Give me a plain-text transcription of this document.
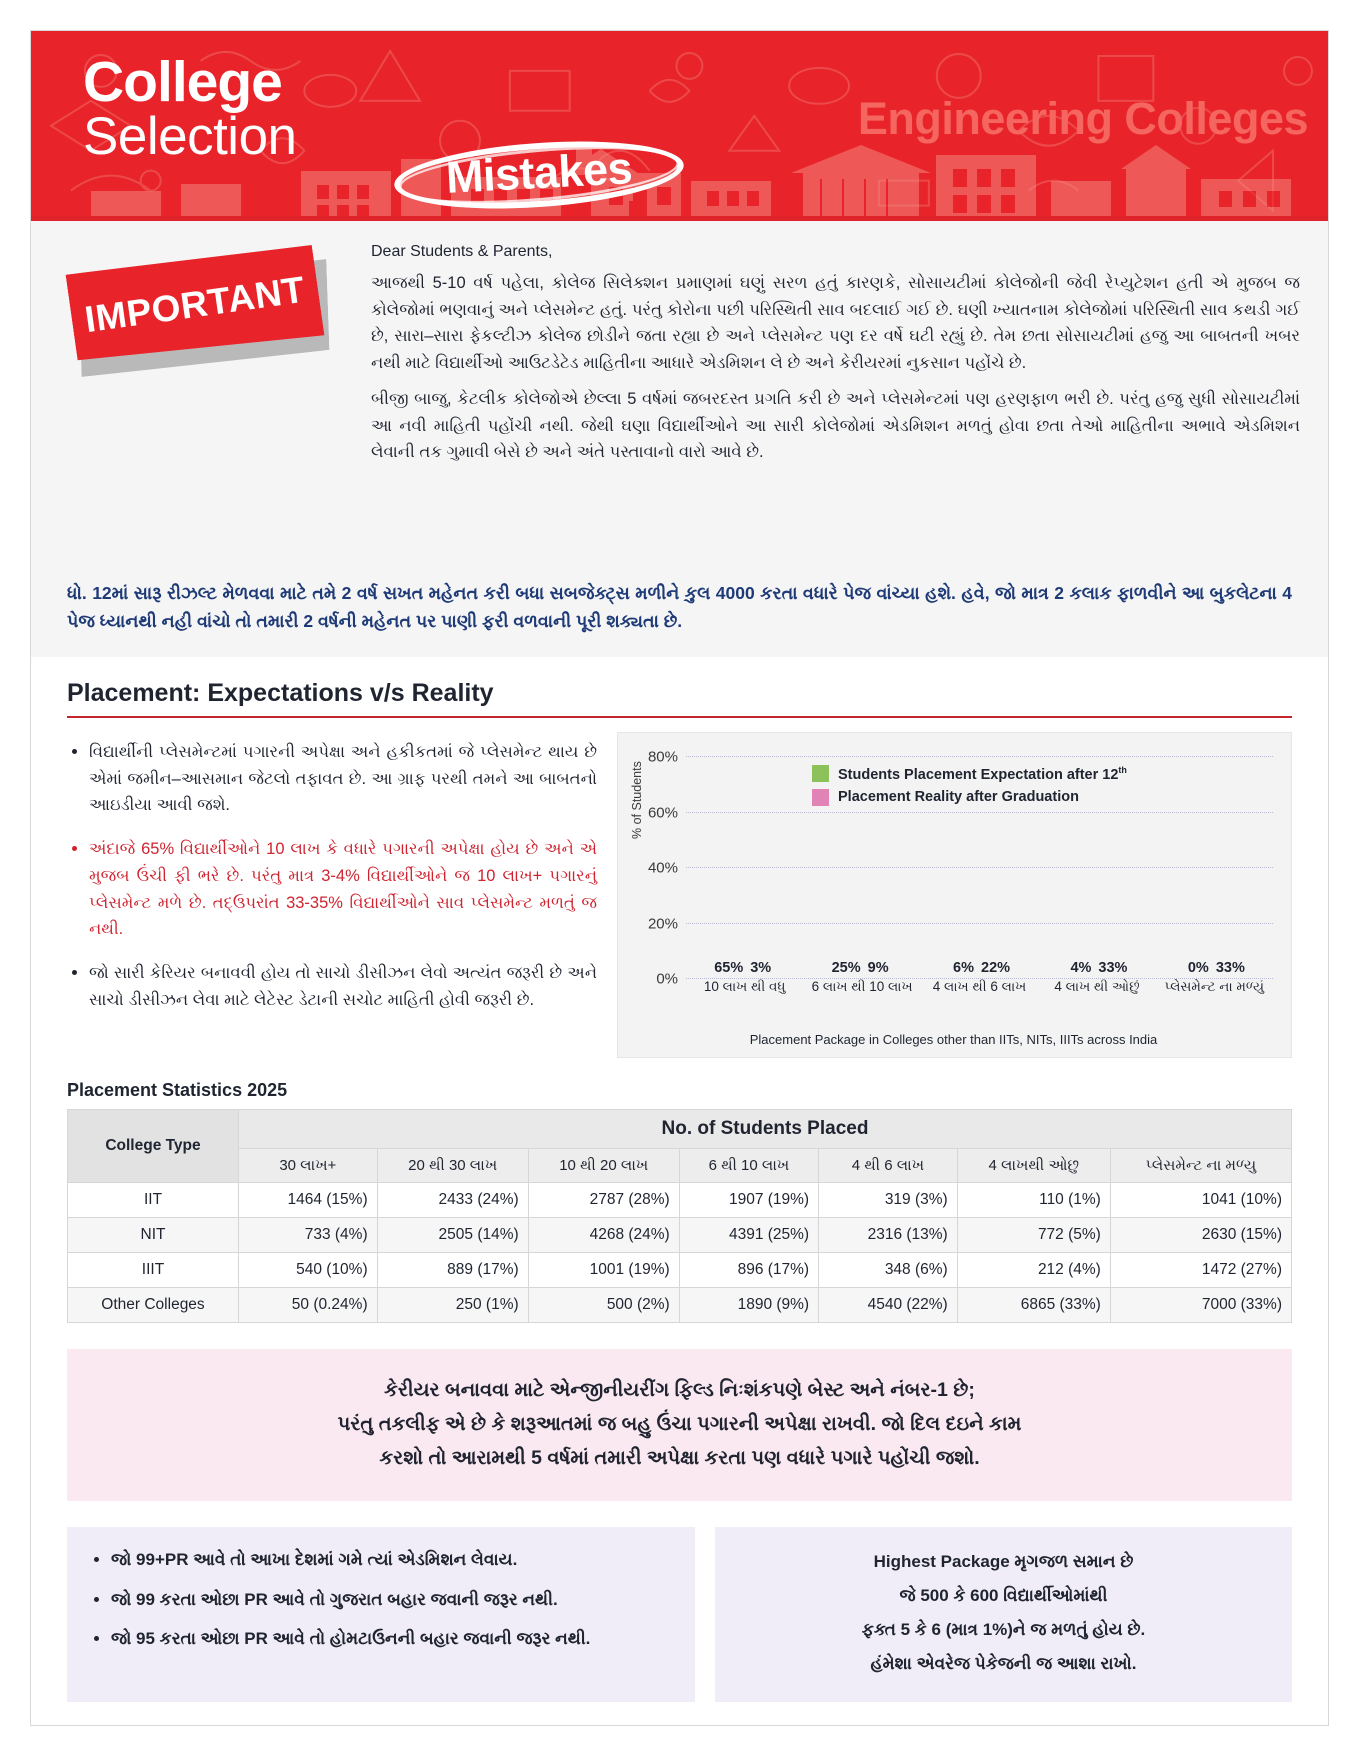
Engineering Colleges
College
Selection
Mistakes
IMPORTANT
Dear Students & Parents,

આજથી 5-10 વર્ષ પહેલા, કોલેજ સિલેક્શન પ્રમાણમાં ઘણું સરળ હતું કારણકે, સોસાયટીમાં કોલેજોની જેવી રેપ્યુટેશન હતી એ મુજબ જ કોલેજોમાં ભણવાનું અને પ્લેસમેન્ટ હતું. પરંતુ કોરોના પછી પરિસ્થિતી સાવ બદલાઈ ગઈ છે. ઘણી ખ્યાતનામ કોલેજોમાં પરિસ્થિતી સાવ કથડી ગઈ છે, સારા–સારા ફેકલ્ટીઝ કોલેજ છોડીને જતા રહ્યા છે અને પ્લેસમેન્ટ પણ દર વર્ષે ઘટી રહ્યું છે. તેમ છતા સોસાયટીમાં હજુ આ બાબતની ખબર નથી માટે વિદ્યાર્થીઓ આઉટડેટેડ માહિતીના આધારે એડમિશન લે છે અને કેરીયરમાં નુકસાન પહોંચે છે.

બીજી બાજુ, કેટલીક કોલેજોએ છેલ્લા 5 વર્ષમાં જબરદસ્ત પ્રગતિ કરી છે અને પ્લેસમેન્ટમાં પણ હરણફાળ ભરી છે. પરંતુ હજુ સુધી સોસાયટીમાં આ નવી માહિતી પહોંચી નથી. જેથી ઘણા વિદ્યાર્થીઓને આ સારી કોલેજોમાં એડમિશન મળતું હોવા છતા તેઓ માહિતીના અભાવે એડમિશન લેવાની તક ગુમાવી બેસે છે અને અંતે પસ્તાવાનો વારો આવે છે.

ધો. 12માં સારૂ રીઝલ્ટ મેળવવા માટે તમે 2 વર્ષ સખત મહેનત કરી બધા સબજેક્ટ્સ મળીને કુલ 4000 કરતા વધારે પેજ વાંચ્યા હશે. હવે, જો માત્ર 2 કલાક ફાળવીને આ બુકલેટના 4 પેજ ધ્યાનથી નહી વાંચો તો તમારી 2 વર્ષની મહેનત પર પાણી ફરી વળવાની પૂરી શક્યતા છે.
Placement: Expectations v/s Reality
• વિદ્યાર્થીની પ્લેસમેન્ટમાં પગારની અપેક્ષા અને હકીકતમાં જે પ્લેસમેન્ટ થાય છે એમાં જમીન–આસમાન જેટલો તફાવત છે. આ ગ્રાફ પરથી તમને આ બાબતનો આઇડીયા આવી જશે.
• અંદાજે 65% વિદ્યાર્થીઓને 10 લાખ કે વધારે પગારની અપેક્ષા હોય છે અને એ મુજબ ઉંચી ફી ભરે છે. પરંતુ માત્ર 3-4% વિદ્યાર્થીઓને જ 10 લાખ+ પગારનું પ્લેસમેન્ટ મળે છે. તદ્‌ઉપરાંત 33-35% વિદ્યાર્થીઓને સાવ પ્લેસમેન્ટ મળતું જ નથી.
• જો સારી કેરિયર બનાવવી હોય તો સાચો ડીસીઝન લેવો અત્યંત જરૂરી છે અને સાચો ડીસીઝન લેવા માટે લેટેસ્ટ ડેટાની સચોટ માહિતી હોવી જરૂરી છે.
% of Students
80%
60%
40%
20%
0%
65% 3%	25% 9%	6% 22%	4% 33%	0% 33%
10 લાખ થી વધુ	6 લાખ થી 10 લાખ	4 લાખ થી 6 લાખ	4 લાખ થી ઓછું	પ્લેસમેન્ટ ના મળ્યું
Placement Package in Colleges other than IITs, NITs, IIITs across India
Students Placement Expectation after 12th
Placement Reality after Graduation
Placement Statistics 2025
College Type	No. of Students Placed						
	30 લાખ+	20 થી 30 લાખ	10 થી 20 લાખ	6 થી 10 લાખ	4 થી 6 લાખ	4 લાખથી ઓછુ	પ્લેસમેન્ટ ના મળ્યુ
IIT	1464 (15%)	2433 (24%)	2787 (28%)	1907 (19%)	319 (3%)	110 (1%)	1041 (10%)
NIT	733 (4%)	2505 (14%)	4268 (24%)	4391 (25%)	2316 (13%)	772 (5%)	2630 (15%)
IIIT	540 (10%)	889 (17%)	1001 (19%)	896 (17%)	348 (6%)	212 (4%)	1472 (27%)
Other Colleges	50 (0.24%)	250 (1%)	500 (2%)	1890 (9%)	4540 (22%)	6865 (33%)	7000 (33%)
કેરીયર બનાવવા માટે એન્જીનીયરીંગ ફિલ્ડ નિઃશંકપણે બેસ્ટ અને નંબર-1 છે;
પરંતુ તકલીફ એ છે કે શરૂઆતમાં જ બહુ ઉંચા પગારની અપેક્ષા રાખવી. જો દિલ દઇને કામ
કરશો તો આરામથી 5 વર્ષમાં તમારી અપેક્ષા કરતા પણ વધારે પગારે પહોંચી જશો.
• જો 99+PR આવે તો આખા દેશમાં ગમે ત્યાં એડમિશન લેવાય.
• જો 99 કરતા ઓછા PR આવે તો ગુજરાત બહાર જવાની જરૂર નથી.
• જો 95 કરતા ઓછા PR આવે તો હોમટાઉનની બહાર જવાની જરૂર નથી.
Highest Package મૃગજળ સમાન છે
જે 500 કે 600 વિદ્યાર્થીઓમાંથી
ફક્ત 5 કે 6 (માત્ર 1%)ને જ મળતું હોય છે.
હંમેશા એવરેજ પેકેજની જ આશા રાખો.
